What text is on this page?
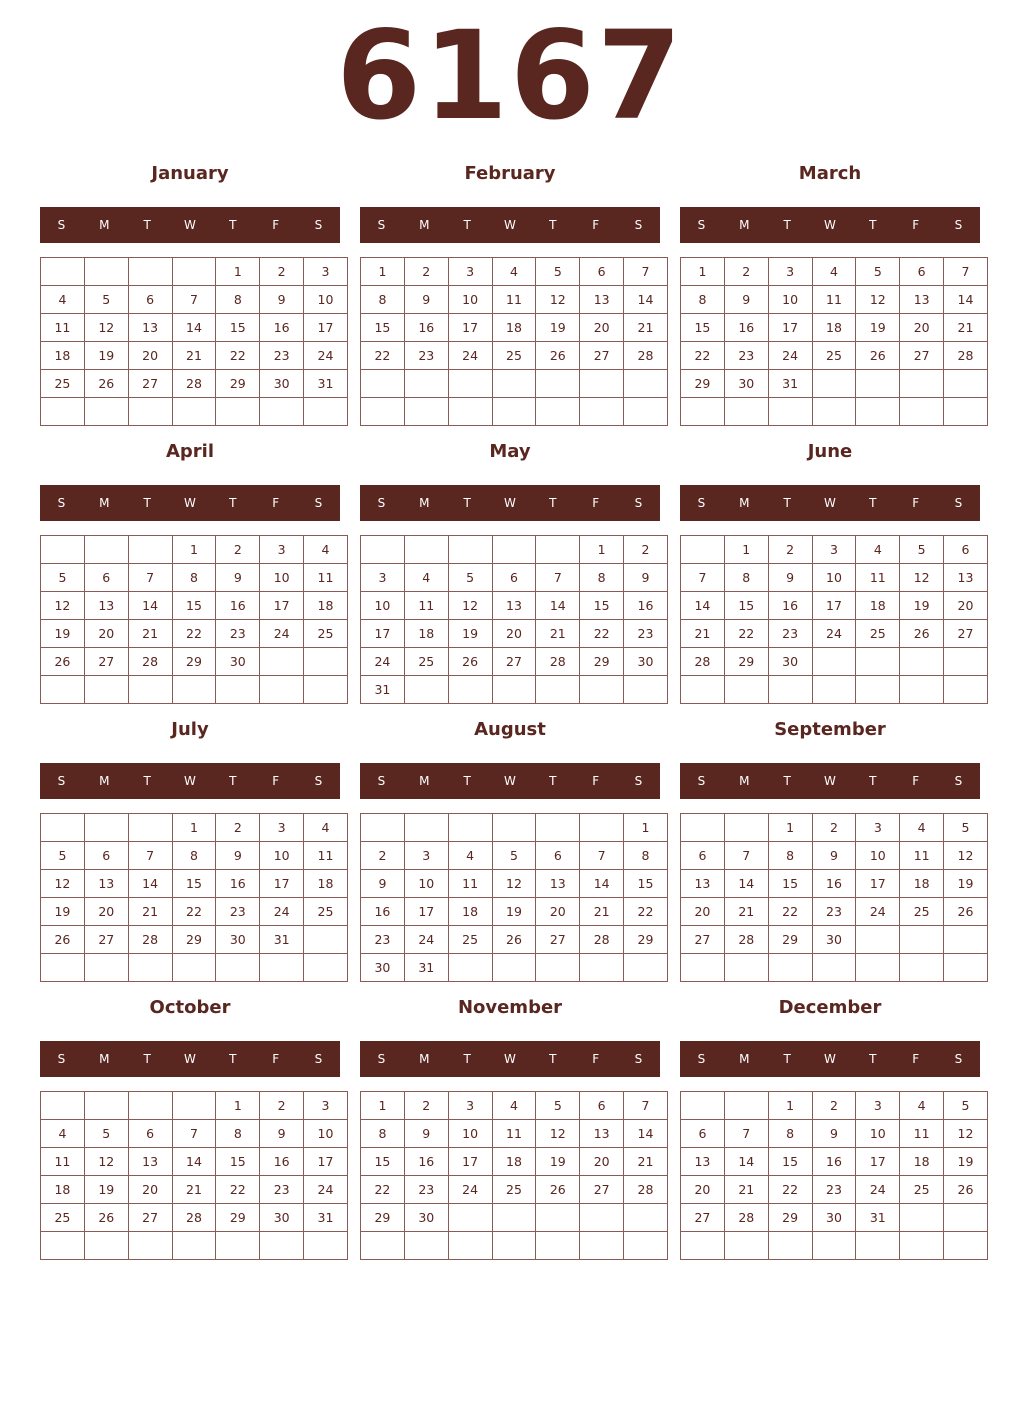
6167
January
S	M	T	W	T	F	S
				1	2	3
4	5	6	7	8	9	10
11	12	13	14	15	16	17
18	19	20	21	22	23	24
25	26	27	28	29	30	31

February
S	M	T	W	T	F	S
1	2	3	4	5	6	7
8	9	10	11	12	13	14
15	16	17	18	19	20	21
22	23	24	25	26	27	28

March
S	M	T	W	T	F	S
1	2	3	4	5	6	7
8	9	10	11	12	13	14
15	16	17	18	19	20	21
22	23	24	25	26	27	28
29	30	31				

April
S	M	T	W	T	F	S
			1	2	3	4
5	6	7	8	9	10	11
12	13	14	15	16	17	18
19	20	21	22	23	24	25
26	27	28	29	30		

May
S	M	T	W	T	F	S
					1	2
3	4	5	6	7	8	9
10	11	12	13	14	15	16
17	18	19	20	21	22	23
24	25	26	27	28	29	30
31						
June
S	M	T	W	T	F	S
	1	2	3	4	5	6
7	8	9	10	11	12	13
14	15	16	17	18	19	20
21	22	23	24	25	26	27
28	29	30				

July
S	M	T	W	T	F	S
			1	2	3	4
5	6	7	8	9	10	11
12	13	14	15	16	17	18
19	20	21	22	23	24	25
26	27	28	29	30	31	

August
S	M	T	W	T	F	S
						1
2	3	4	5	6	7	8
9	10	11	12	13	14	15
16	17	18	19	20	21	22
23	24	25	26	27	28	29
30	31					
September
S	M	T	W	T	F	S
		1	2	3	4	5
6	7	8	9	10	11	12
13	14	15	16	17	18	19
20	21	22	23	24	25	26
27	28	29	30			

October
S	M	T	W	T	F	S
				1	2	3
4	5	6	7	8	9	10
11	12	13	14	15	16	17
18	19	20	21	22	23	24
25	26	27	28	29	30	31

November
S	M	T	W	T	F	S
1	2	3	4	5	6	7
8	9	10	11	12	13	14
15	16	17	18	19	20	21
22	23	24	25	26	27	28
29	30					

December
S	M	T	W	T	F	S
		1	2	3	4	5
6	7	8	9	10	11	12
13	14	15	16	17	18	19
20	21	22	23	24	25	26
27	28	29	30	31		
